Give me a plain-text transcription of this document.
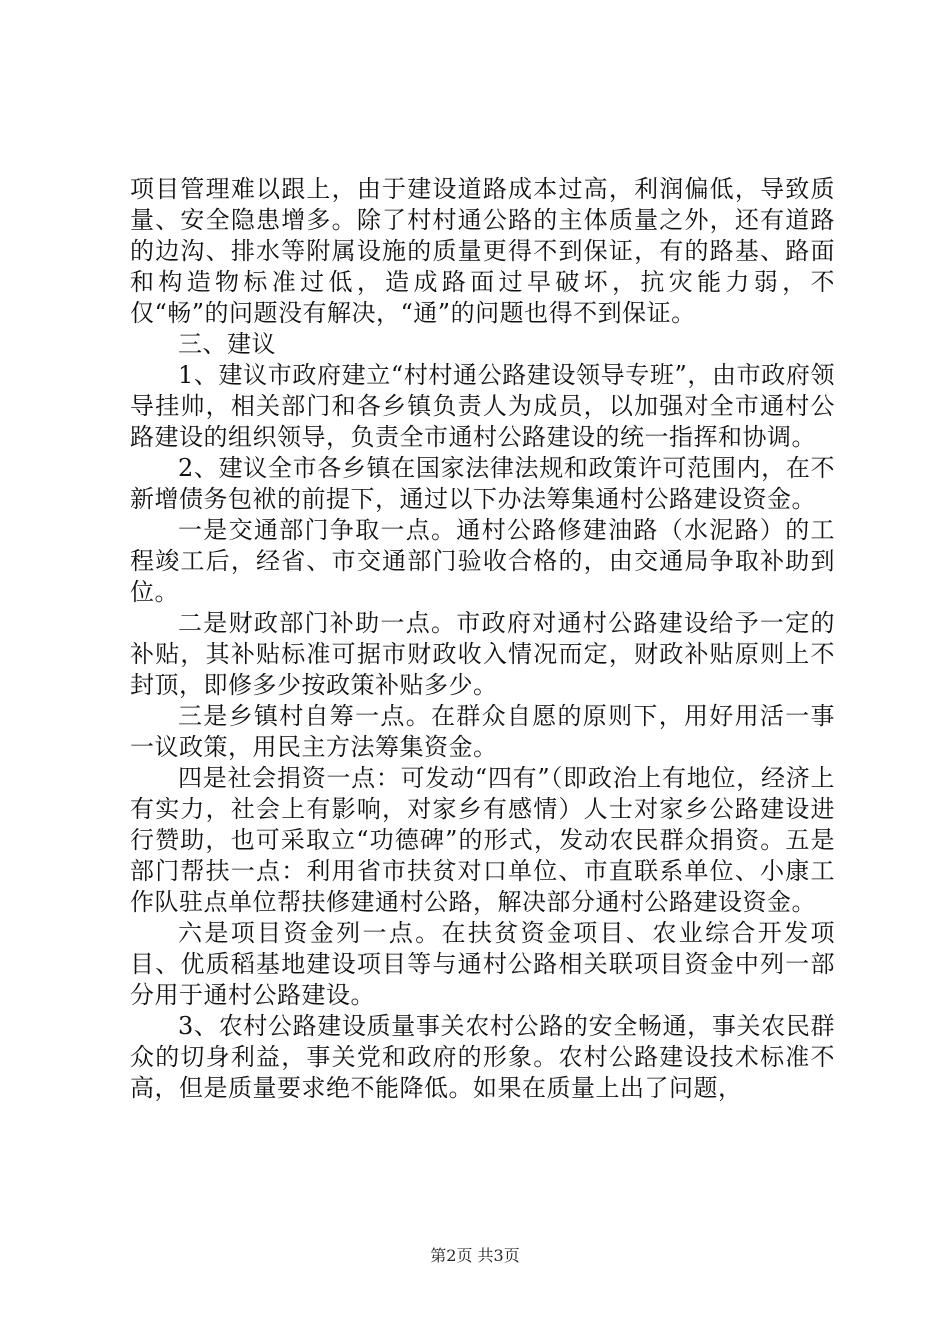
项目管理难以跟上，由于建设道路成本过高，利润偏低，导致质量、安全隐患增多。除了村村通公路的主体质量之外，还有道路的边沟、排水等附属设施的质量更得不到保证，有的路基、路面和构造物标准过低，造成路面过早破坏，抗灾能力弱，不仅“畅”的问题没有解决，“通”的问题也得不到保证。

三、建议

1、建议市政府建立“村村通公路建设领导专班”，由市政府领导挂帅，相关部门和各乡镇负责人为成员，以加强对全市通村公路建设的组织领导，负责全市通村公路建设的统一指挥和协调。

2、建议全市各乡镇在国家法律法规和政策许可范围内，在不新增债务包袱的前提下，通过以下办法筹集通村公路建设资金。

一是交通部门争取一点。通村公路修建油路（水泥路）的工程竣工后，经省、市交通部门验收合格的，由交通局争取补助到位。

二是财政部门补助一点。市政府对通村公路建设给予一定的补贴，其补贴标准可据市财政收入情况而定，财政补贴原则上不封顶，即修多少按政策补贴多少。

三是乡镇村自筹一点。在群众自愿的原则下，用好用活一事一议政策，用民主方法筹集资金。

四是社会捐资一点：可发动“四有”（即政治上有地位，经济上有实力，社会上有影响，对家乡有感情）人士对家乡公路建设进行赞助，也可采取立“功德碑”的形式，发动农民群众捐资。五是部门帮扶一点：利用省市扶贫对口单位、市直联系单位、小康工作队驻点单位帮扶修建通村公路，解决部分通村公路建设资金。

六是项目资金列一点。在扶贫资金项目、农业综合开发项目、优质稻基地建设项目等与通村公路相关联项目资金中列一部分用于通村公路建设。

3、农村公路建设质量事关农村公路的安全畅通，事关农民群众的切身利益，事关党和政府的形象。农村公路建设技术标准不高，但是质量要求绝不能降低。如果在质量上出了问题，

第2页 共3页
